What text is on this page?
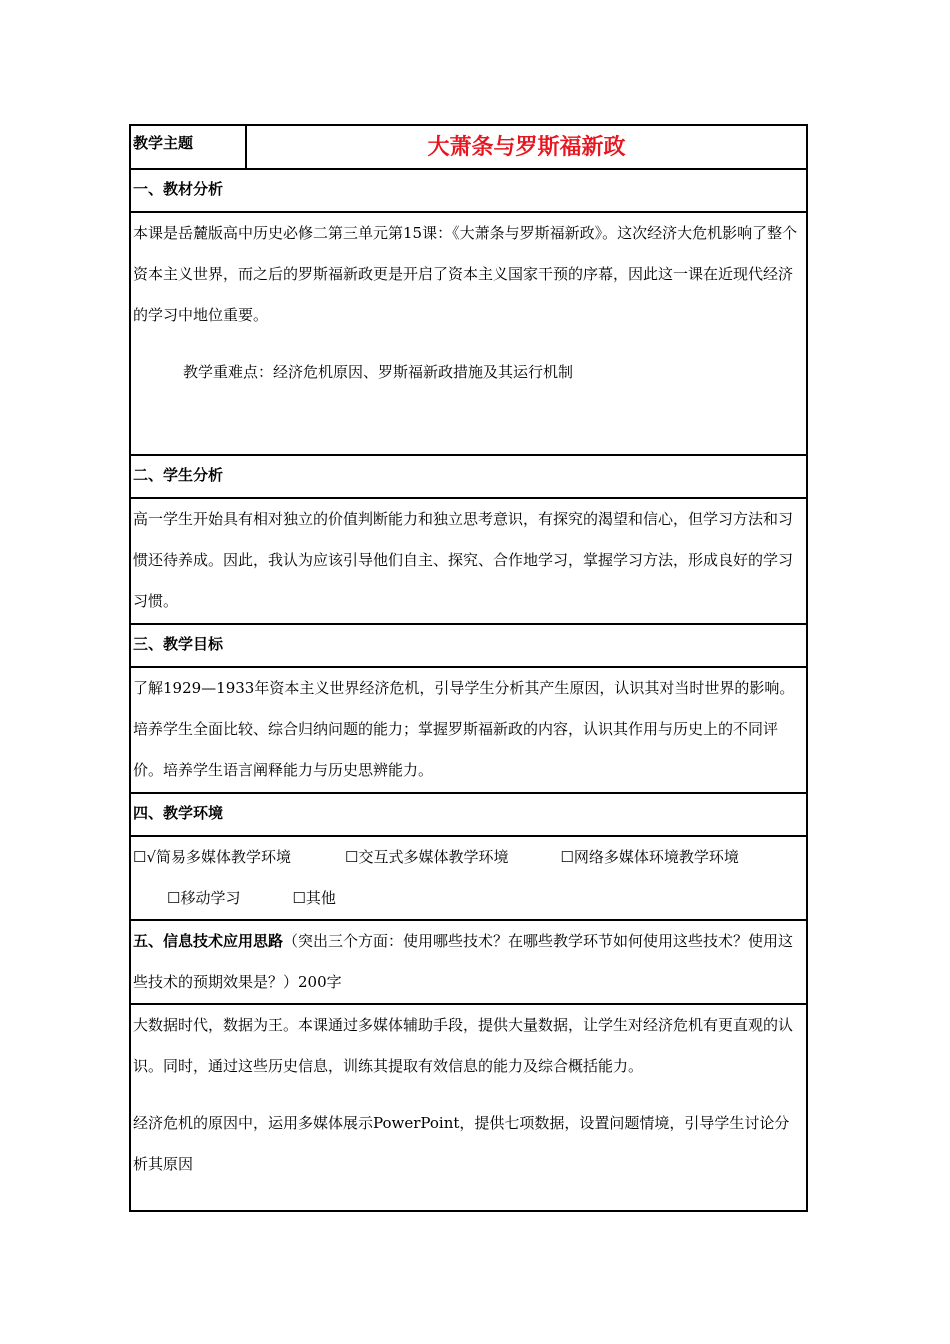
教学主题	大萧条与罗斯福新政
一、教材分析

本课是岳麓版高中历史必修二第三单元第15课：《大萧条与罗斯福新政》。这次经济大危机影响了整个资本主义世界，而之后的罗斯福新政更是开启了资本主义国家干预的序幕，因此这一课在近现代经济的学习中地位重要。

教学重难点：经济危机原因、罗斯福新政措施及其运行机制

二、学生分析

高一学生开始具有相对独立的价值判断能力和独立思考意识，有探究的渴望和信心，但学习方法和习惯还待养成。因此，我认为应该引导他们自主、探究、合作地学习，掌握学习方法，形成良好的学习习惯。

三、教学目标

了解1929—1933年资本主义世界经济危机，引导学生分析其产生原因，认识其对当时世界的影响。培养学生全面比较、综合归纳问题的能力；掌握罗斯福新政的内容，认识其作用与历史上的不同评价。培养学生语言阐释能力与历史思辨能力。

四、教学环境

☐√简易多媒体教学环境	☐交互式多媒体教学环境	☐网络多媒体环境教学环境

☐移动学习	☐其他

五、信息技术应用思路（突出三个方面：使用哪些技术？在哪些教学环节如何使用这些技术？使用这些技术的预期效果是？）200字

大数据时代，数据为王。本课通过多媒体辅助手段，提供大量数据，让学生对经济危机有更直观的认识。同时，通过这些历史信息，训练其提取有效信息的能力及综合概括能力。

经济危机的原因中，运用多媒体展示PowerPoint，提供七项数据，设置问题情境，引导学生讨论分析其原因
